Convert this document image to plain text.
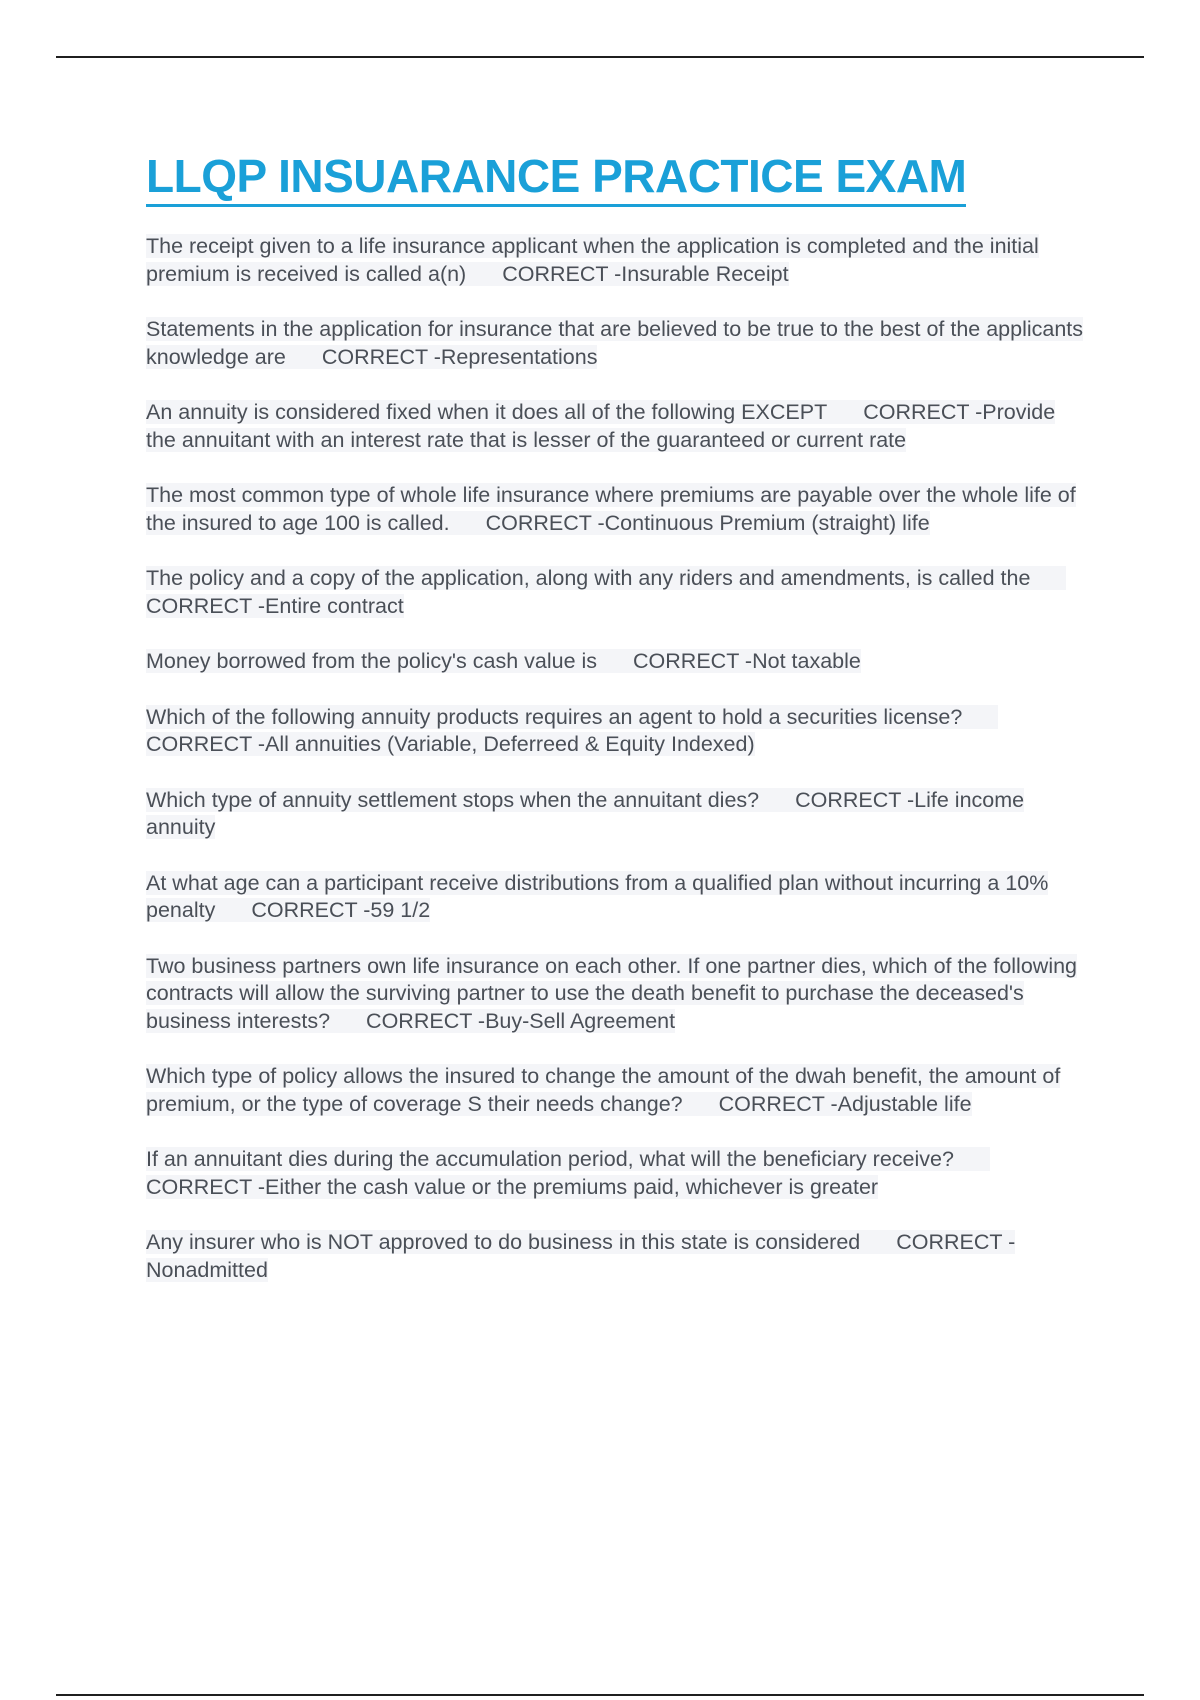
LLQP INSUARANCE PRACTICE EXAM
The receipt given to a life insurance applicant when the application is completed and the initial premium is received is called a(n) CORRECT -Insurable Receipt
Statements in the application for insurance that are believed to be true to the best of the applicants knowledge are CORRECT -Representations
An annuity is considered fixed when it does all of the following EXCEPT CORRECT -Provide the annuitant with an interest rate that is lesser of the guaranteed or current rate
The most common type of whole life insurance where premiums are payable over the whole life of the insured to age 100 is called. CORRECT -Continuous Premium (straight) life
The policy and a copy of the application, along with any riders and amendments, is called theCORRECT -Entire contract
Money borrowed from the policy's cash value is CORRECT -Not taxable
Which of the following annuity products requires an agent to hold a securities license?CORRECT -All annuities (Variable, Deferreed & Equity Indexed)
Which type of annuity settlement stops when the annuitant dies? CORRECT -Life income annuity
At what age can a participant receive distributions from a qualified plan without incurring a 10% penalty CORRECT -59 1/2
Two business partners own life insurance on each other. If one partner dies, which of the following contracts will allow the surviving partner to use the death benefit to purchase the deceased's business interests? CORRECT -Buy-Sell Agreement
Which type of policy allows the insured to change the amount of the dwah benefit, the amount of premium, or the type of coverage S their needs change? CORRECT -Adjustable life
If an annuitant dies during the accumulation period, what will the beneficiary receive?CORRECT -Either the cash value or the premiums paid, whichever is greater
Any insurer who is NOT approved to do business in this state is considered CORRECT -Nonadmitted
